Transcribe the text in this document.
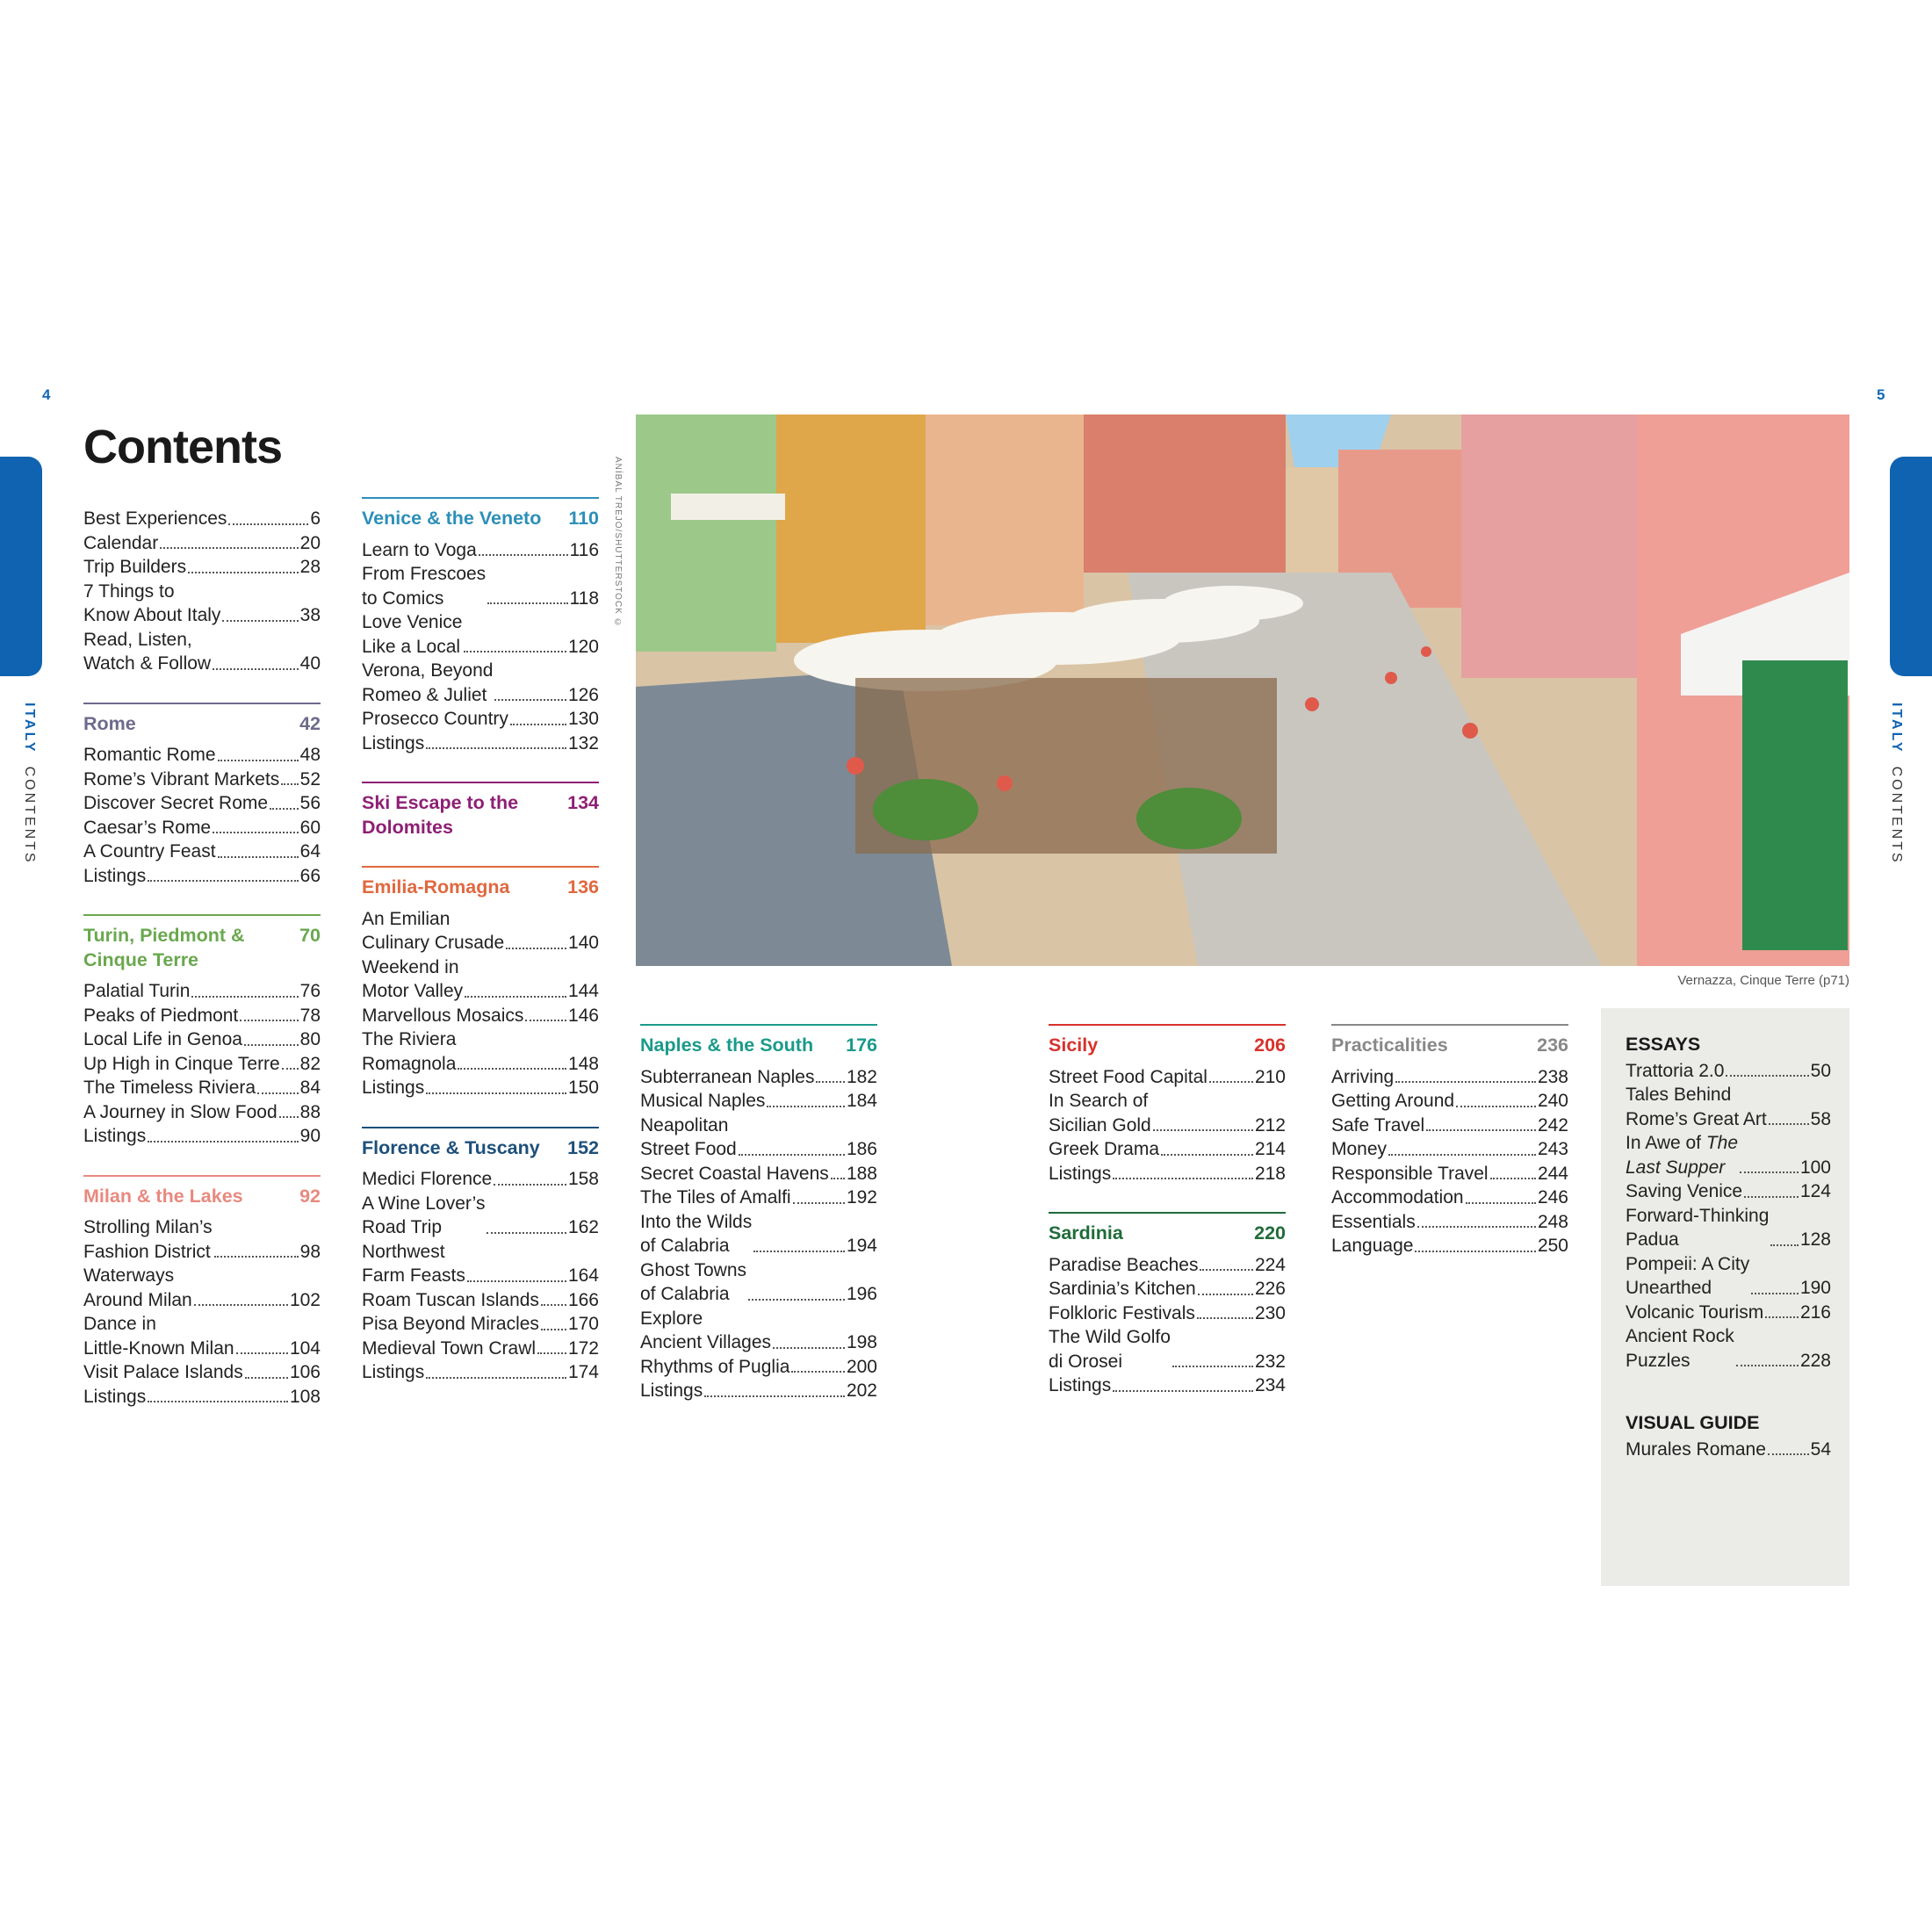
4	5
ITALYCONTENTS
ITALYCONTENTS
Contents
Best Experiences	6
Calendar	20
Trip Builders	28
7 Things to
Know About Italy	38
Read, Listen,
Watch & Follow	40
Rome	42
Romantic Rome	48
Rome’s Vibrant Markets 52
Discover Secret Rome 56
Caesar’s Rome	60
A Country Feast	64
Listings	66
Turin, Piedmont &
Cinque Terre
70
Palatial Turin	76
Peaks of Piedmont	78
Local Life in Genoa	80
Up High in Cinque Terre 82
The Timeless Riviera 84
A Journey in Slow Food 88
Listings	90
Milan & the Lakes	92
Strolling Milan’s
Fashion District	98
Waterways
Around Milan	102
Dance in
Little-Known Milan	104
Visit Palace Islands	106
Listings	108
Venice & the Veneto 110
Learn to Voga	116
From Frescoes
to Comics	118
Love Venice
Like a Local	120
Verona, Beyond
Romeo & Juliet	126
Prosecco Country	130
Listings	132
Ski Escape to the
Dolomites
134
Emilia-Romagna	136
An Emilian
Culinary Crusade	140
Weekend in
Motor Valley	144
Marvellous Mosaics 146
The Riviera
Romagnola	148
Listings	150
Florence & Tuscany 152
Medici Florence	158
A Wine Lover’s
Road Trip	162
Northwest
Farm Feasts	164
Roam Tuscan Islands 166
Pisa Beyond Miracles 170
Medieval Town Crawl 172
Listings	174
Naples & the South 176
Subterranean Naples 182
Musical Naples	184
Neapolitan
Street Food	186
Secret Coastal Havens 188
The Tiles of Amalfi	192
Into the Wilds
of Calabria	194
Ghost Towns
of Calabria	196
Explore
Ancient Villages	198
Rhythms of Puglia	200
Listings	202
Sicily	206
Street Food Capital	210
In Search of
Sicilian Gold	212
Greek Drama	214
Listings	218
Sardinia	220
Paradise Beaches	224
Sardinia’s Kitchen	226
Folkloric Festivals	230
The Wild Golfo
di Orosei	232
Listings	234
Practicalities	236
Arriving	238
Getting Around	240
Safe Travel	242
Money	243
Responsible Travel	244
Accommodation	246
Essentials	248
Language	250
ESSAYS
Trattoria 2.0	50
Tales Behind
Rome’s Great Art 58
In Awe of The
Last Supper	100
Saving Venice	124
Forward-Thinking
Padua	128
Pompeii: A City
Unearthed	190
Volcanic Tourism 216
Ancient Rock
Puzzles	228
VISUAL GUIDE
Murales Romane 54
ANÍBAL TREJO/SHUTTERSTOCK ©
Vernazza, Cinque Terre (p71)
